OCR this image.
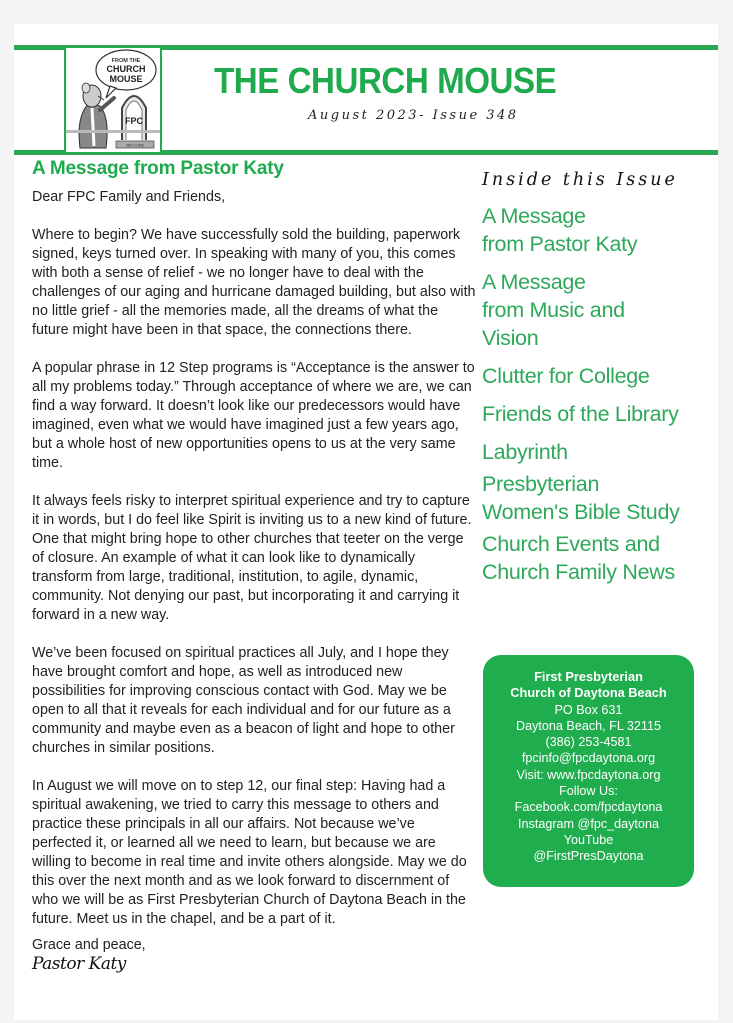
FROM THE
CHURCH
MOUSE
FPC
WELCOME
THE CHURCH MOUSE
August 2023- Issue 348
A Message from Pastor Katy

Dear FPC Family and Friends,

Where to begin? We have successfully sold the building, paperwork signed, keys turned over. In speaking with many of you, this comes with both a sense of relief - we no longer have to deal with the challenges of our aging and hurricane damaged building, but also with no little grief - all the memories made, all the dreams of what the future might have been in that space, the connections there.

A popular phrase in 12 Step programs is “Acceptance is the answer to all my problems today.” Through acceptance of where we are, we can find a way forward. It doesn’t look like our predecessors would have imagined, even what we would have imagined just a few years ago, but a whole host of new opportunities opens to us at the very same time.

It always feels risky to interpret spiritual experience and try to capture it in words, but I do feel like Spirit is inviting us to a new kind of future. One that might bring hope to other churches that teeter on the verge of closure. An example of what it can look like to dynamically transform from large, traditional, institution, to agile, dynamic, community. Not denying our past, but incorporating it and carrying it forward in a new way.

We’ve been focused on spiritual practices all July, and I hope they have brought comfort and hope, as well as introduced new possibilities for improving conscious contact with God. May we be open to all that it reveals for each individual and for our future as a community and maybe even as a beacon of light and hope to other churches in similar positions.

In August we will move on to step 12, our final step: Having had a spiritual awakening, we tried to carry this message to others and practice these principals in all our affairs. Not because we’ve perfected it, or learned all we need to learn, but because we are willing to become in real time and invite others alongside. May we do this over the next month and as we look forward to discernment of who we will be as First Presbyterian Church of Daytona Beach in the future. Meet us in the chapel, and be a part of it.

Grace and peace,
Pastor Katy
Inside this Issue
A Message
from Pastor Katy
A Message
from Music and
Vision
Clutter for College
Friends of the Library
Labyrinth
Presbyterian
Women's Bible Study
Church Events and
Church Family News
First Presbyterian
Church of Daytona Beach
PO Box 631
Daytona Beach, FL 32115
(386) 253-4581
fpcinfo@fpcdaytona.org
Visit: www.fpcdaytona.org
Follow Us:
Facebook.com/fpcdaytona
Instagram @fpc_daytona
YouTube
@FirstPresDaytona
